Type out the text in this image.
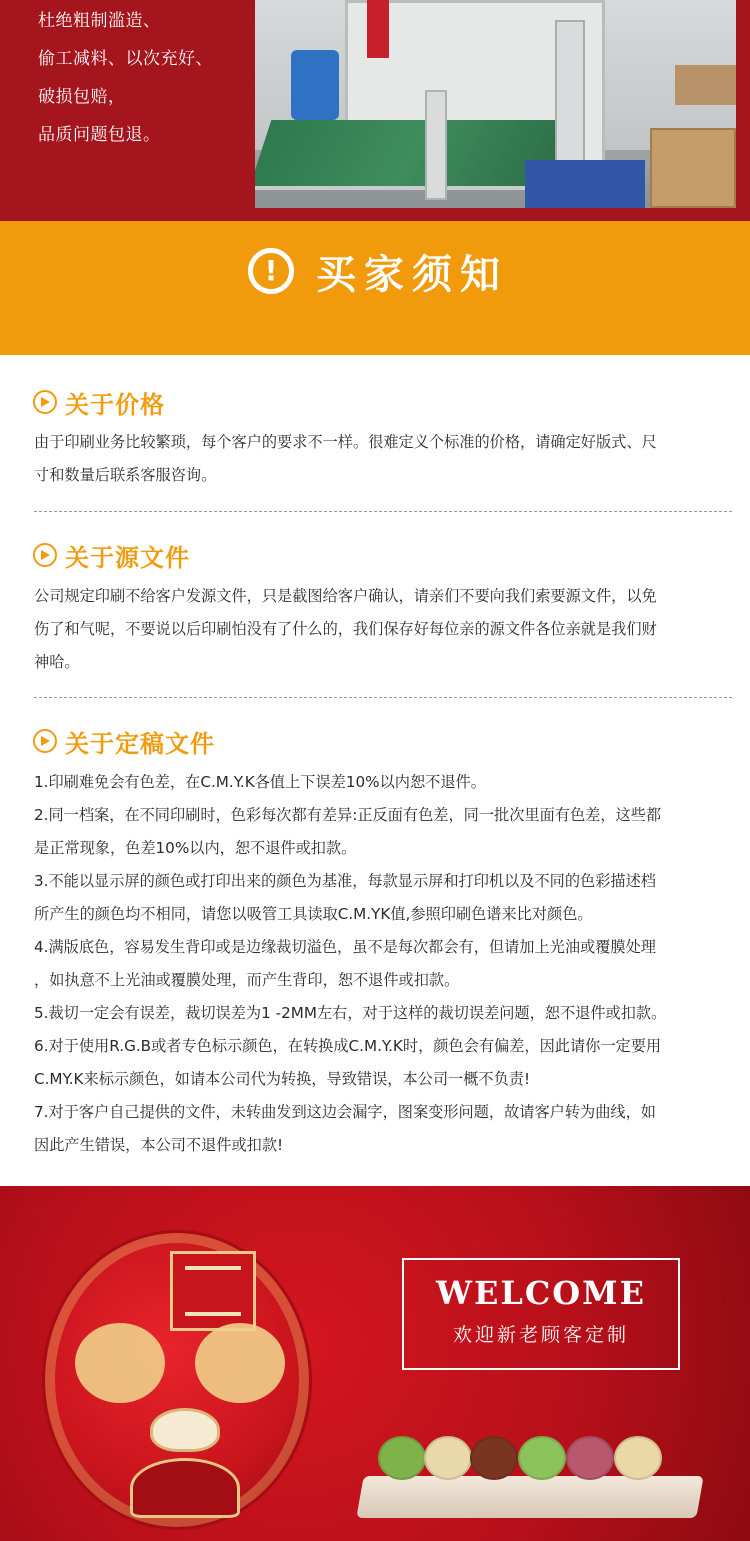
杜绝粗制滥造、
偷工减料、以次充好、
破损包赔，
品质问题包退。
! 买家须知
关于价格

由于印刷业务比较繁琐，每个客户的要求不一样。很难定义个标准的价格，请确定好版式、尺

寸和数量后联系客服咨询。

关于源文件

公司规定印刷不给客户发源文件，只是截图给客户确认，请亲们不要向我们索要源文件，以免

伤了和气呢，不要说以后印刷怕没有了什么的，我们保存好每位亲的源文件各位亲就是我们财

神哈。

关于定稿文件

1.印刷难免会有色差，在C.M.Y.K各值上下误差10%以内恕不退件。

2.同一档案，在不同印刷时，色彩每次都有差异:正反面有色差，同一批次里面有色差，这些都

是正常现象，色差10%以内，恕不退件或扣款。

3.不能以显示屏的颜色或打印出来的颜色为基准，每款显示屏和打印机以及不同的色彩描述档

所产生的颜色均不相同，请您以吸管工具读取C.M.YK值,参照印刷色谱来比对颜色。

4.满版底色，容易发生背印或是边缘裁切溢色，虽不是每次都会有，但请加上光油或覆膜处理

，如执意不上光油或覆膜处理，而产生背印，恕不退件或扣款。

5.裁切一定会有误差，裁切误差为1 -2MM左右，对于这样的裁切误差问题，恕不退件或扣款。

6.对于使用R.G.B或者专色标示颜色，在转换成C.M.Y.K时，颜色会有偏差，因此请你一定要用

C.MY.K来标示颜色，如请本公司代为转换，导致错误，本公司一概不负责!

7.对于客户自己提供的文件，未转曲发到这边会漏字，图案变形问题，故请客户转为曲线，如

因此产生错误，本公司不退件或扣款!

WELCOME
欢迎新老顾客定制
